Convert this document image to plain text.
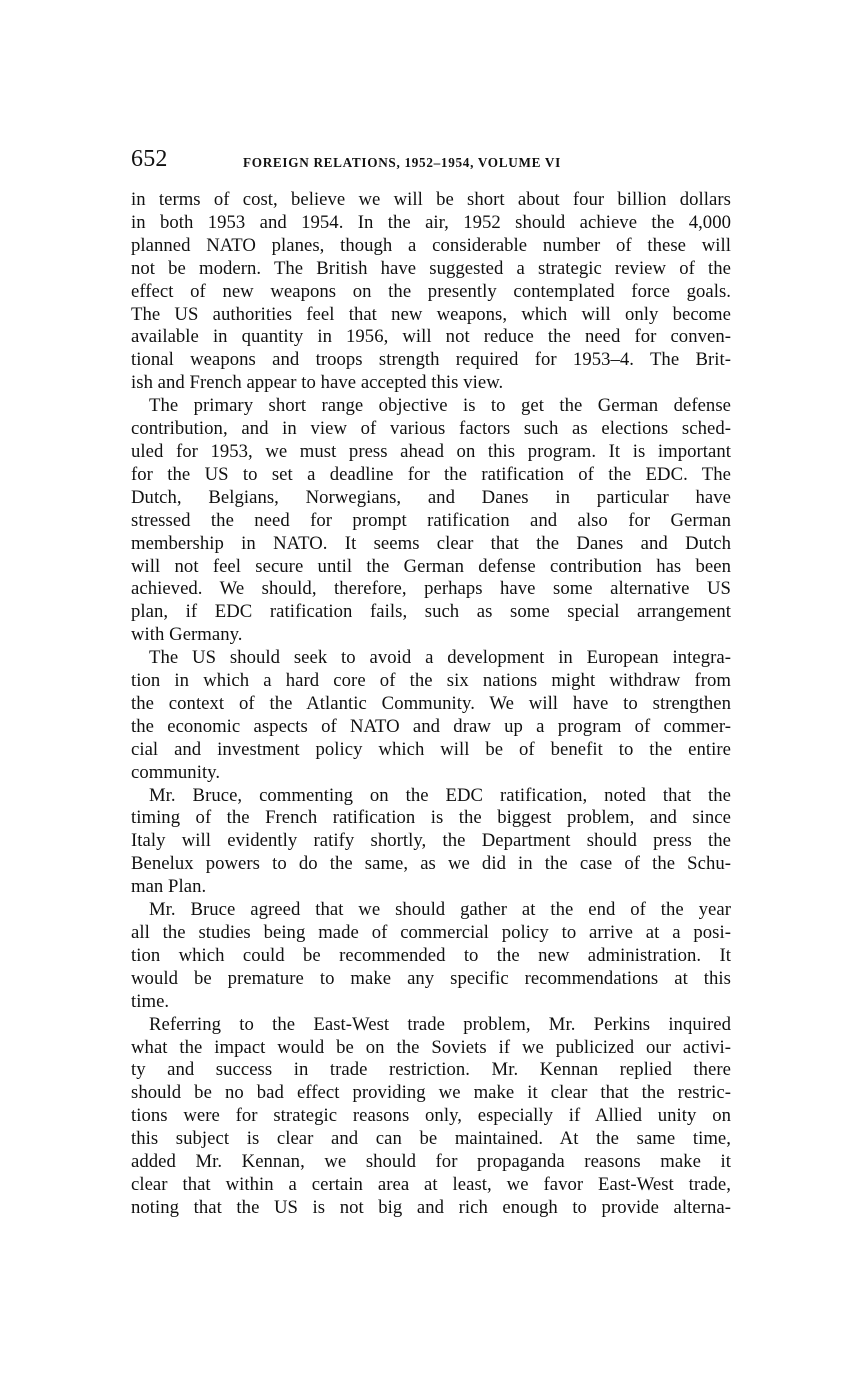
652	FOREIGN RELATIONS, 1952–1954, VOLUME VI

in terms of cost, believe we will be short about four billion dollars
in both 1953 and 1954. In the air, 1952 should achieve the 4,000
planned NATO planes, though a considerable number of these will
not be modern. The British have suggested a strategic review of the
effect of new weapons on the presently contemplated force goals.
The US authorities feel that new weapons, which will only become
available in quantity in 1956, will not reduce the need for conven-
tional weapons and troops strength required for 1953–4. The Brit-
ish and French appear to have accepted this view.

The primary short range objective is to get the German defense
contribution, and in view of various factors such as elections sched-
uled for 1953, we must press ahead on this program. It is important
for the US to set a deadline for the ratification of the EDC. The
Dutch, Belgians, Norwegians, and Danes in particular have
stressed the need for prompt ratification and also for German
membership in NATO. It seems clear that the Danes and Dutch
will not feel secure until the German defense contribution has been
achieved. We should, therefore, perhaps have some alternative US
plan, if EDC ratification fails, such as some special arrangement
with Germany.

The US should seek to avoid a development in European integra-
tion in which a hard core of the six nations might withdraw from
the context of the Atlantic Community. We will have to strengthen
the economic aspects of NATO and draw up a program of commer-
cial and investment policy which will be of benefit to the entire
community.

Mr. Bruce, commenting on the EDC ratification, noted that the
timing of the French ratification is the biggest problem, and since
Italy will evidently ratify shortly, the Department should press the
Benelux powers to do the same, as we did in the case of the Schu-
man Plan.

Mr. Bruce agreed that we should gather at the end of the year
all the studies being made of commercial policy to arrive at a posi-
tion which could be recommended to the new administration. It
would be premature to make any specific recommendations at this
time.

Referring to the East-West trade problem, Mr. Perkins inquired
what the impact would be on the Soviets if we publicized our activi-
ty and success in trade restriction. Mr. Kennan replied there
should be no bad effect providing we make it clear that the restric-
tions were for strategic reasons only, especially if Allied unity on
this subject is clear and can be maintained. At the same time,
added Mr. Kennan, we should for propaganda reasons make it
clear that within a certain area at least, we favor East-West trade,
noting that the US is not big and rich enough to provide alterna-
